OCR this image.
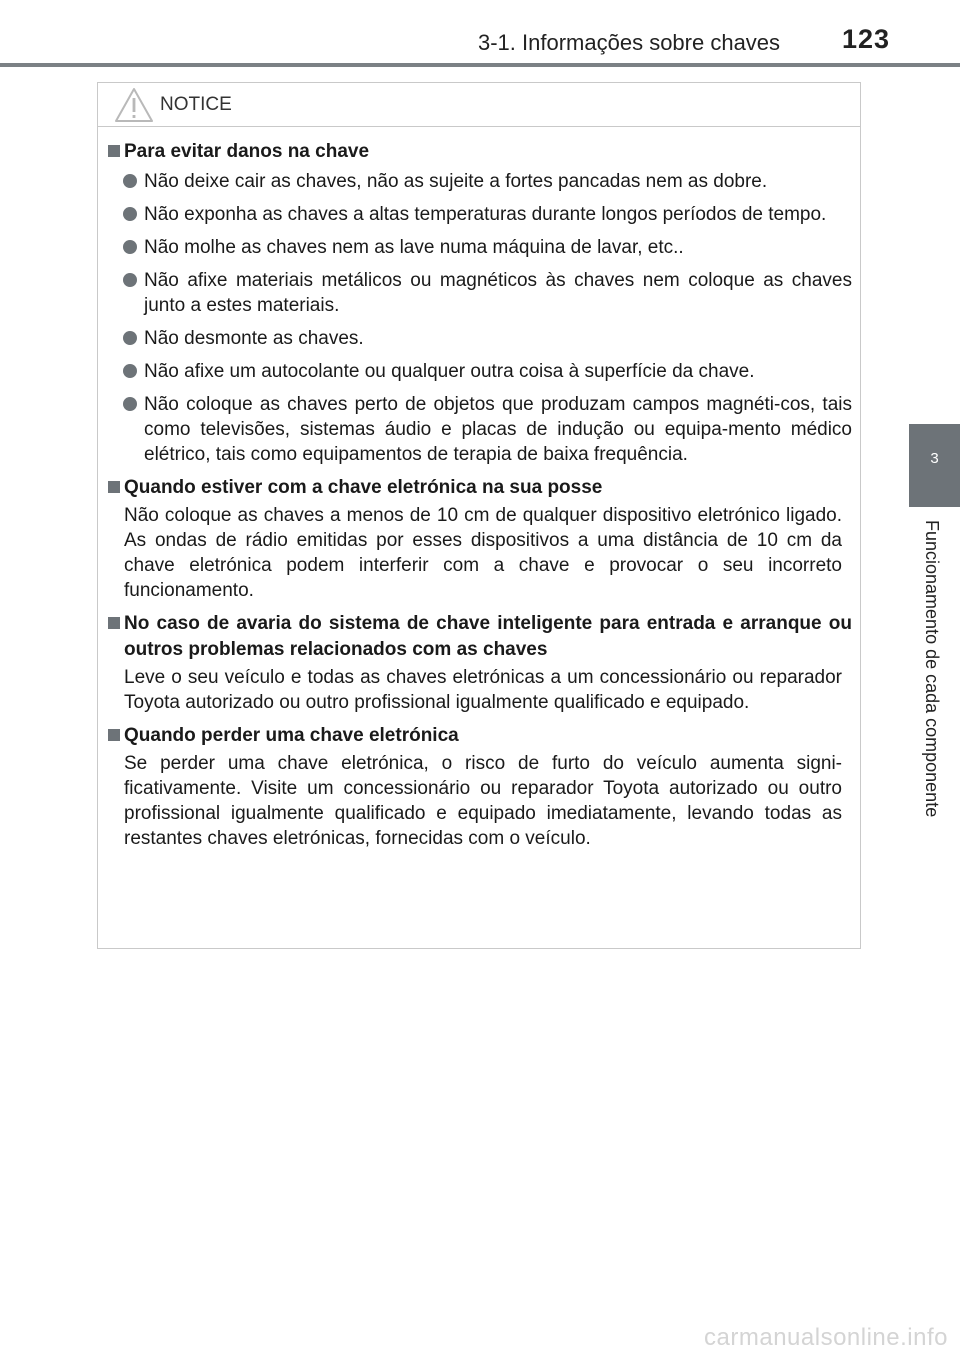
3-1. Informações sobre chaves 123
3
Funcionamento de cada componente
NOTICE
Para evitar danos na chave
Não deixe cair as chaves, não as sujeite a fortes pancadas nem as dobre.
Não exponha as chaves a altas temperaturas durante longos períodos de tempo.
Não molhe as chaves nem as lave numa máquina de lavar, etc..
Não afixe materiais metálicos ou magnéticos às chaves nem coloque as chaves junto a estes materiais.
Não desmonte as chaves.
Não afixe um autocolante ou qualquer outra coisa à superfície da chave.
Não coloque as chaves perto de objetos que produzam campos magnéti-cos, tais como televisões, sistemas áudio e placas de indução ou equipa-mento médico elétrico, tais como equipamentos de terapia de baixa frequência.
Quando estiver com a chave eletrónica na sua posse
Não coloque as chaves a menos de 10 cm de qualquer dispositivo eletrónico ligado. As ondas de rádio emitidas por esses dispositivos a uma distância de 10 cm da chave eletrónica podem interferir com a chave e provocar o seu incorreto funcionamento.
No caso de avaria do sistema de chave inteligente para entrada e arranque ou outros problemas relacionados com as chaves
Leve o seu veículo e todas as chaves eletrónicas a um concessionário ou reparador Toyota autorizado ou outro profissional igualmente qualificado e equipado.
Quando perder uma chave eletrónica
Se perder uma chave eletrónica, o risco de furto do veículo aumenta signi-ficativamente. Visite um concessionário ou reparador Toyota autorizado ou outro profissional igualmente qualificado e equipado imediatamente, levando todas as restantes chaves eletrónicas, fornecidas com o veículo.
carmanualsonline.info
